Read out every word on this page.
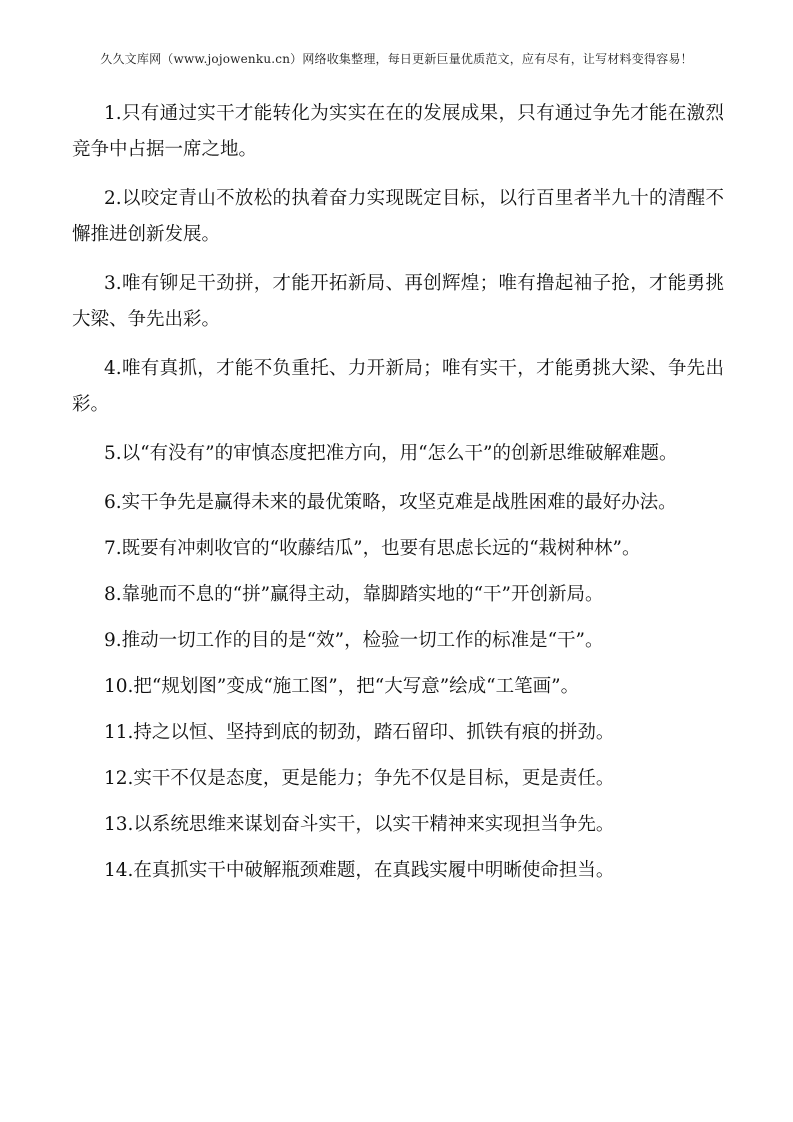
久久文库网（www.jojowenku.cn）网络收集整理，每日更新巨量优质范文，应有尽有，让写材料变得容易！

1.只有通过实干才能转化为实实在在的发展成果，只有通过争先才能在激烈竞争中占据一席之地。

2.以咬定青山不放松的执着奋力实现既定目标，以行百里者半九十的清醒不懈推进创新发展。

3.唯有铆足干劲拼，才能开拓新局、再创辉煌；唯有撸起袖子抢，才能勇挑大梁、争先出彩。

4.唯有真抓，才能不负重托、力开新局；唯有实干，才能勇挑大梁、争先出彩。

5.以“有没有”的审慎态度把准方向，用“怎么干”的创新思维破解难题。

6.实干争先是赢得未来的最优策略，攻坚克难是战胜困难的最好办法。

7.既要有冲刺收官的“收藤结瓜”，也要有思虑长远的“栽树种林”。

8.靠驰而不息的“拼”赢得主动，靠脚踏实地的“干”开创新局。

9.推动一切工作的目的是“效”，检验一切工作的标准是“干”。

10.把“规划图”变成“施工图”，把“大写意”绘成“工笔画”。

11.持之以恒、坚持到底的韧劲，踏石留印、抓铁有痕的拼劲。

12.实干不仅是态度，更是能力；争先不仅是目标，更是责任。

13.以系统思维来谋划奋斗实干，以实干精神来实现担当争先。

14.在真抓实干中破解瓶颈难题，在真践实履中明晰使命担当。
